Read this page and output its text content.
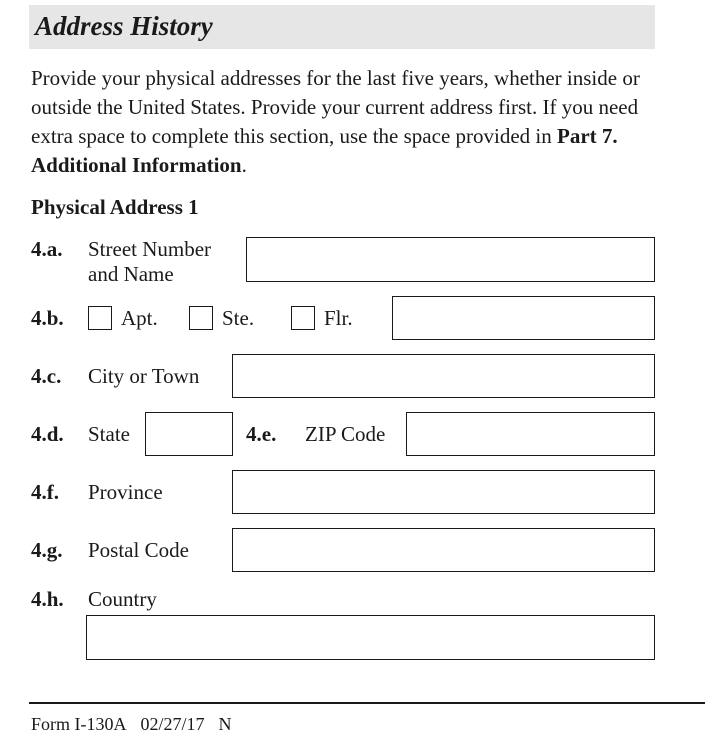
Address History
Provide your physical addresses for the last five years, whether inside or outside the United States. Provide your current address first. If you need extra space to complete this section, use the space provided in Part 7. Additional Information.
Physical Address 1
4.a. Street Number
and Name
4.b.	Apt.	Ste.	Flr.
4.c. City or Town
4.d. State	4.e. ZIP Code
4.f. Province
4.g. Postal Code
4.h. Country
Form I-130A 02/27/17 N
